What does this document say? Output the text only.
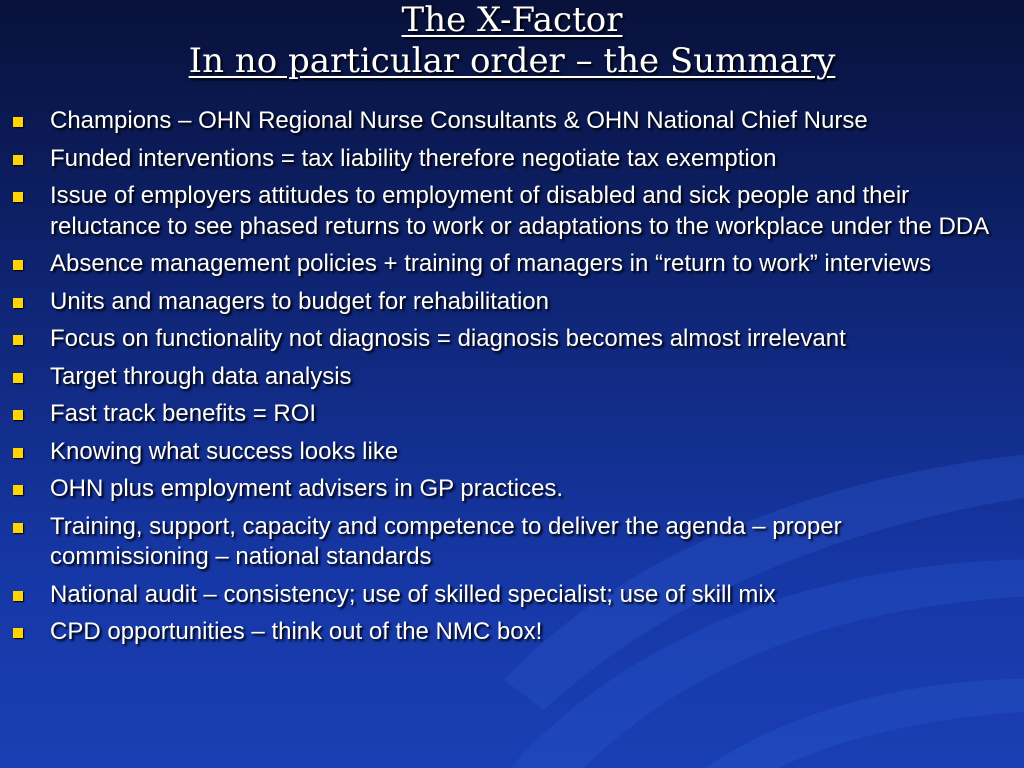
The X-Factor
In no particular order – the Summary
Champions – OHN Regional Nurse Consultants & OHN National Chief Nurse
Funded interventions = tax liability therefore negotiate tax exemption
Issue of employers attitudes to employment of disabled and sick people and their reluctance to see phased returns to work or adaptations to the workplace under the DDA
Absence management policies + training of managers in “return to work” interviews
Units and managers to budget for rehabilitation
Focus on functionality not diagnosis = diagnosis becomes almost irrelevant
Target through data analysis
Fast track benefits = ROI
Knowing what success looks like
OHN plus employment advisers in GP practices.
Training, support, capacity and competence to deliver the agenda – proper commissioning – national standards
National audit – consistency; use of skilled specialist; use of skill mix
CPD opportunities – think out of the NMC box!
